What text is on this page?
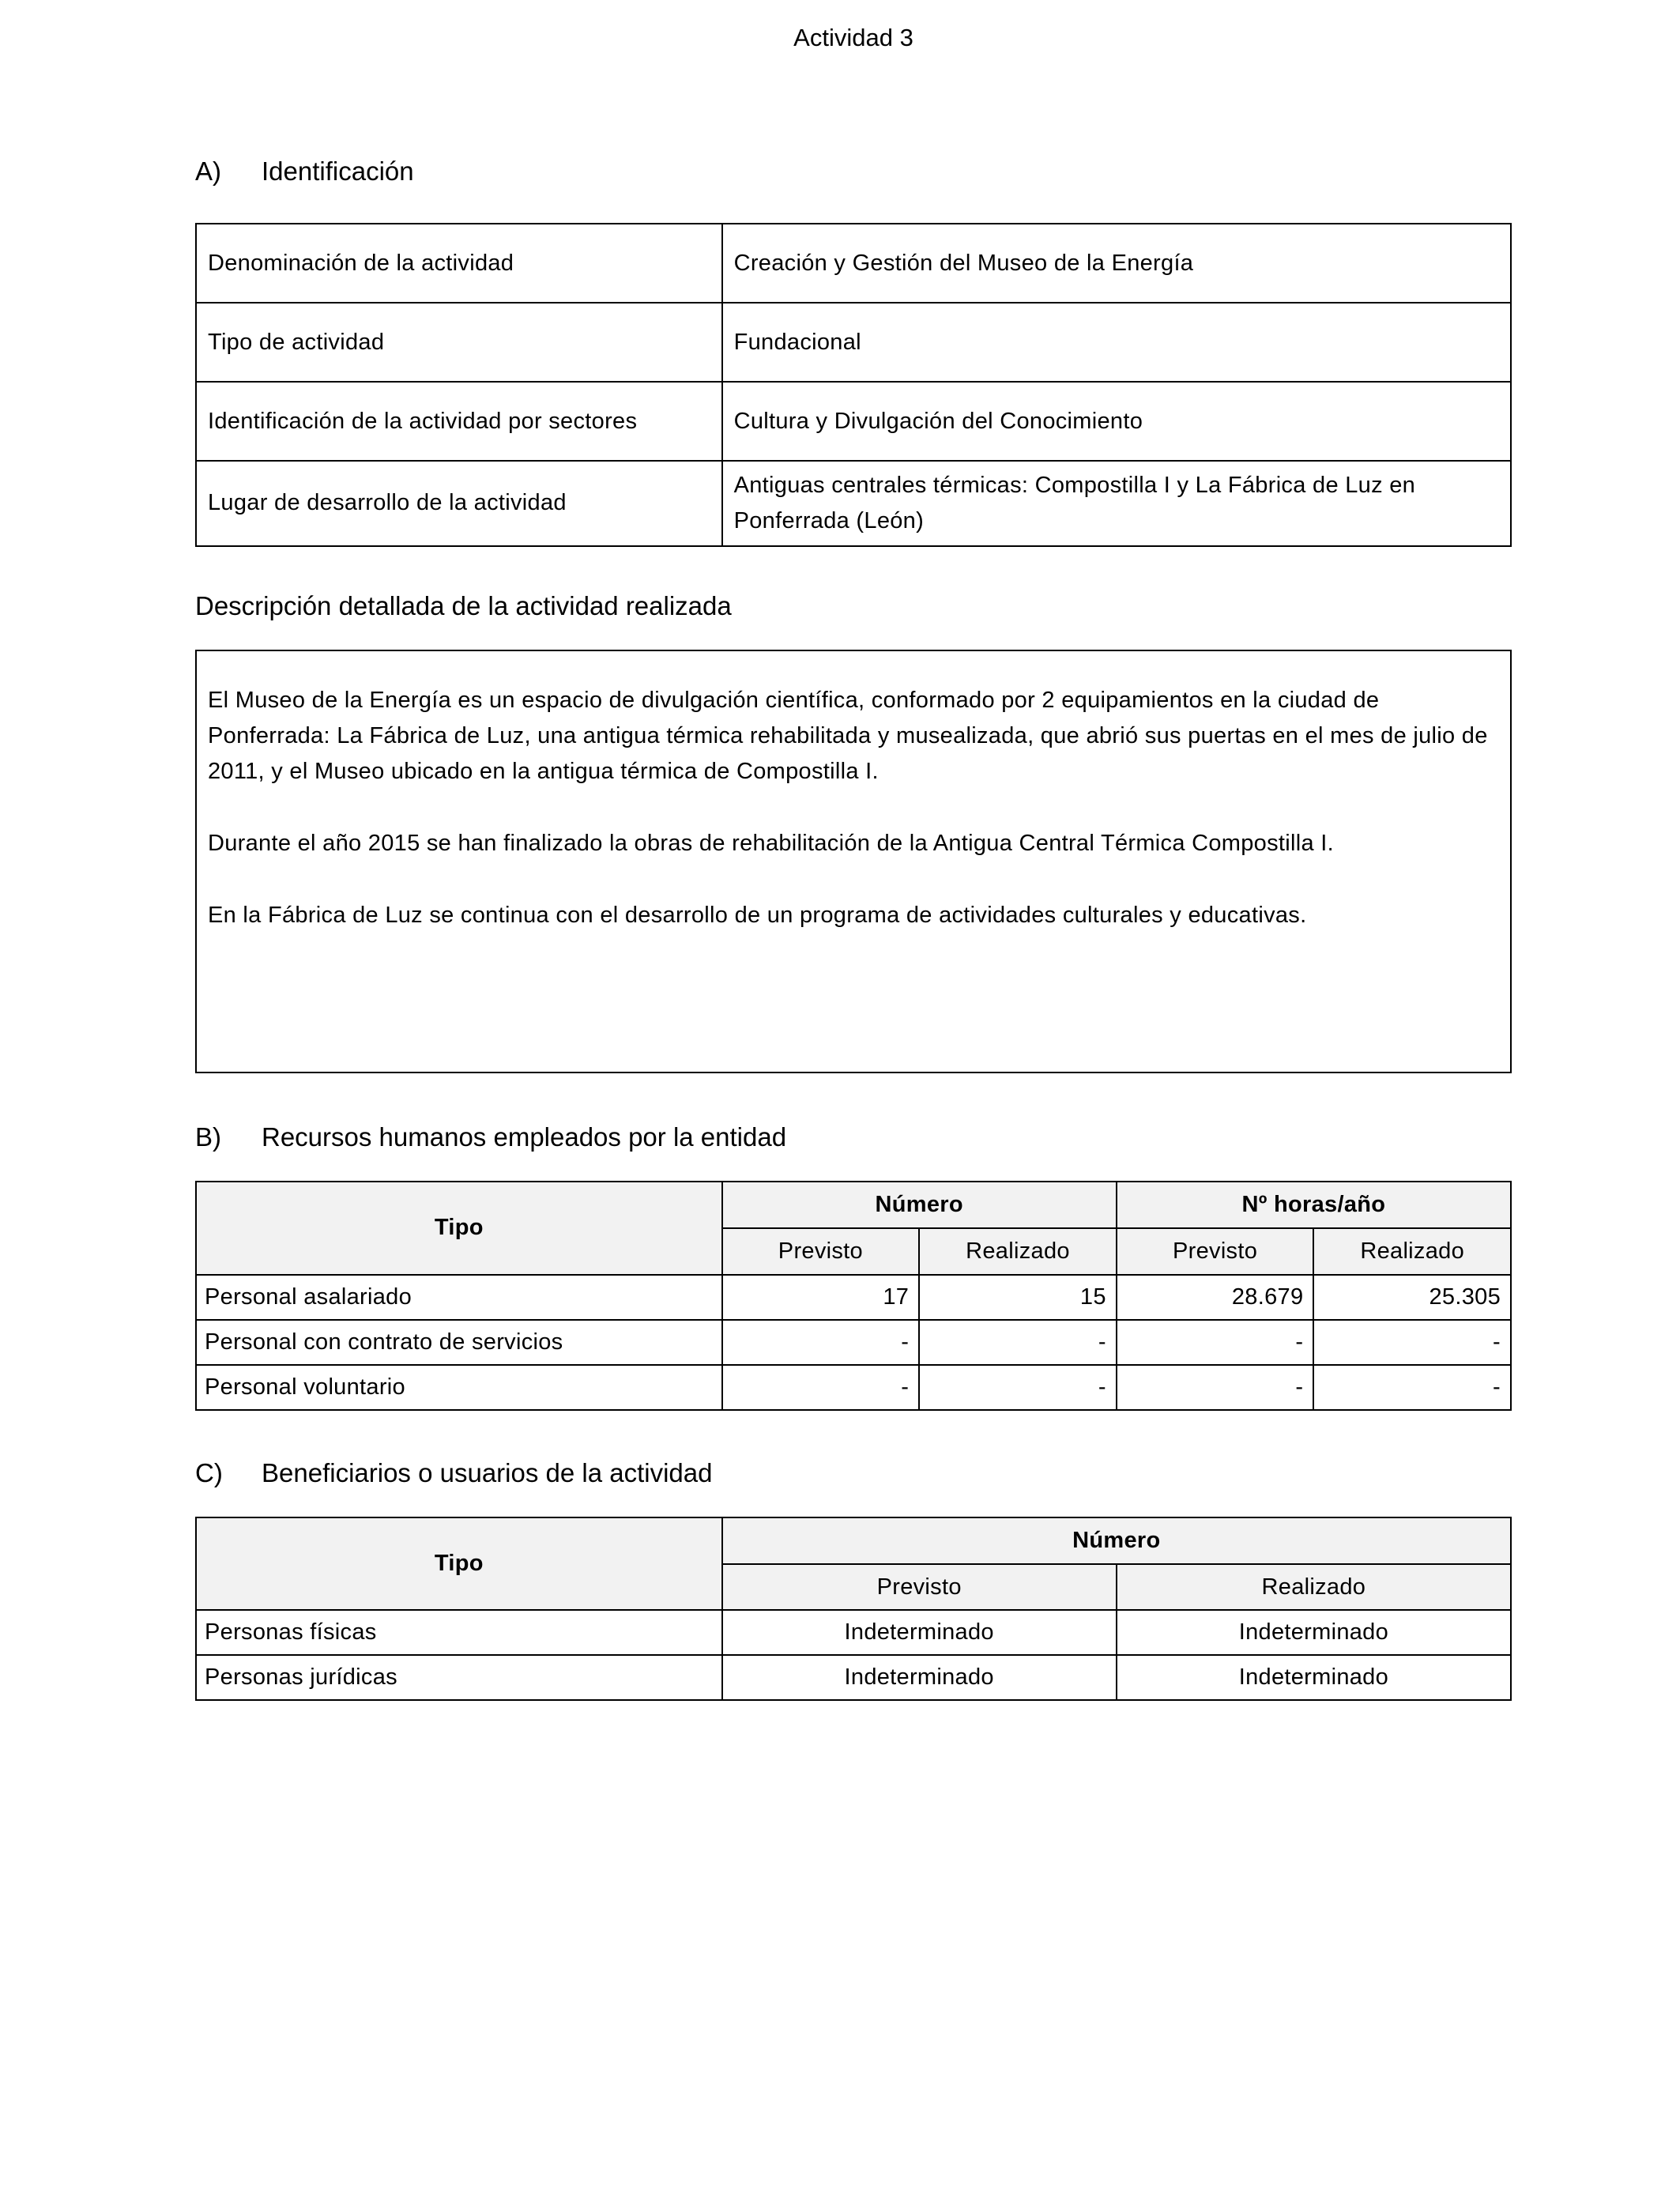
Actividad 3
A) Identificación
Denominación de la actividad	Creación y Gestión del Museo de la Energía
Tipo de actividad	Fundacional
Identificación de la actividad por sectores	Cultura y Divulgación del Conocimiento
Lugar de desarrollo de la actividad	Antiguas centrales térmicas: Compostilla I y La Fábrica de Luz en Ponferrada (León)
Descripción detallada de la actividad realizada

El Museo de la Energía es un espacio de divulgación científica, conformado por 2 equipamientos en la ciudad de Ponferrada: La Fábrica de Luz, una antigua térmica rehabilitada y musealizada, que abrió sus puertas en el mes de julio de 2011, y el Museo ubicado en la antigua térmica de Compostilla I.

Durante el año 2015 se han finalizado la obras de rehabilitación de la Antigua Central Térmica Compostilla I.

En la Fábrica de Luz se continua con el desarrollo de un programa de actividades culturales y educativas.

B) Recursos humanos empleados por la entidad
Tipo	Número		Nº horas/año	
	Previsto	Realizado	Previsto	Realizado
Personal asalariado	17	15	28.679	25.305
Personal con contrato de servicios	-	-	-	-
Personal voluntario	-	-	-	-
C) Beneficiarios o usuarios de la actividad
Tipo	Número	
	Previsto	Realizado
Personas físicas	Indeterminado	Indeterminado
Personas jurídicas	Indeterminado	Indeterminado
